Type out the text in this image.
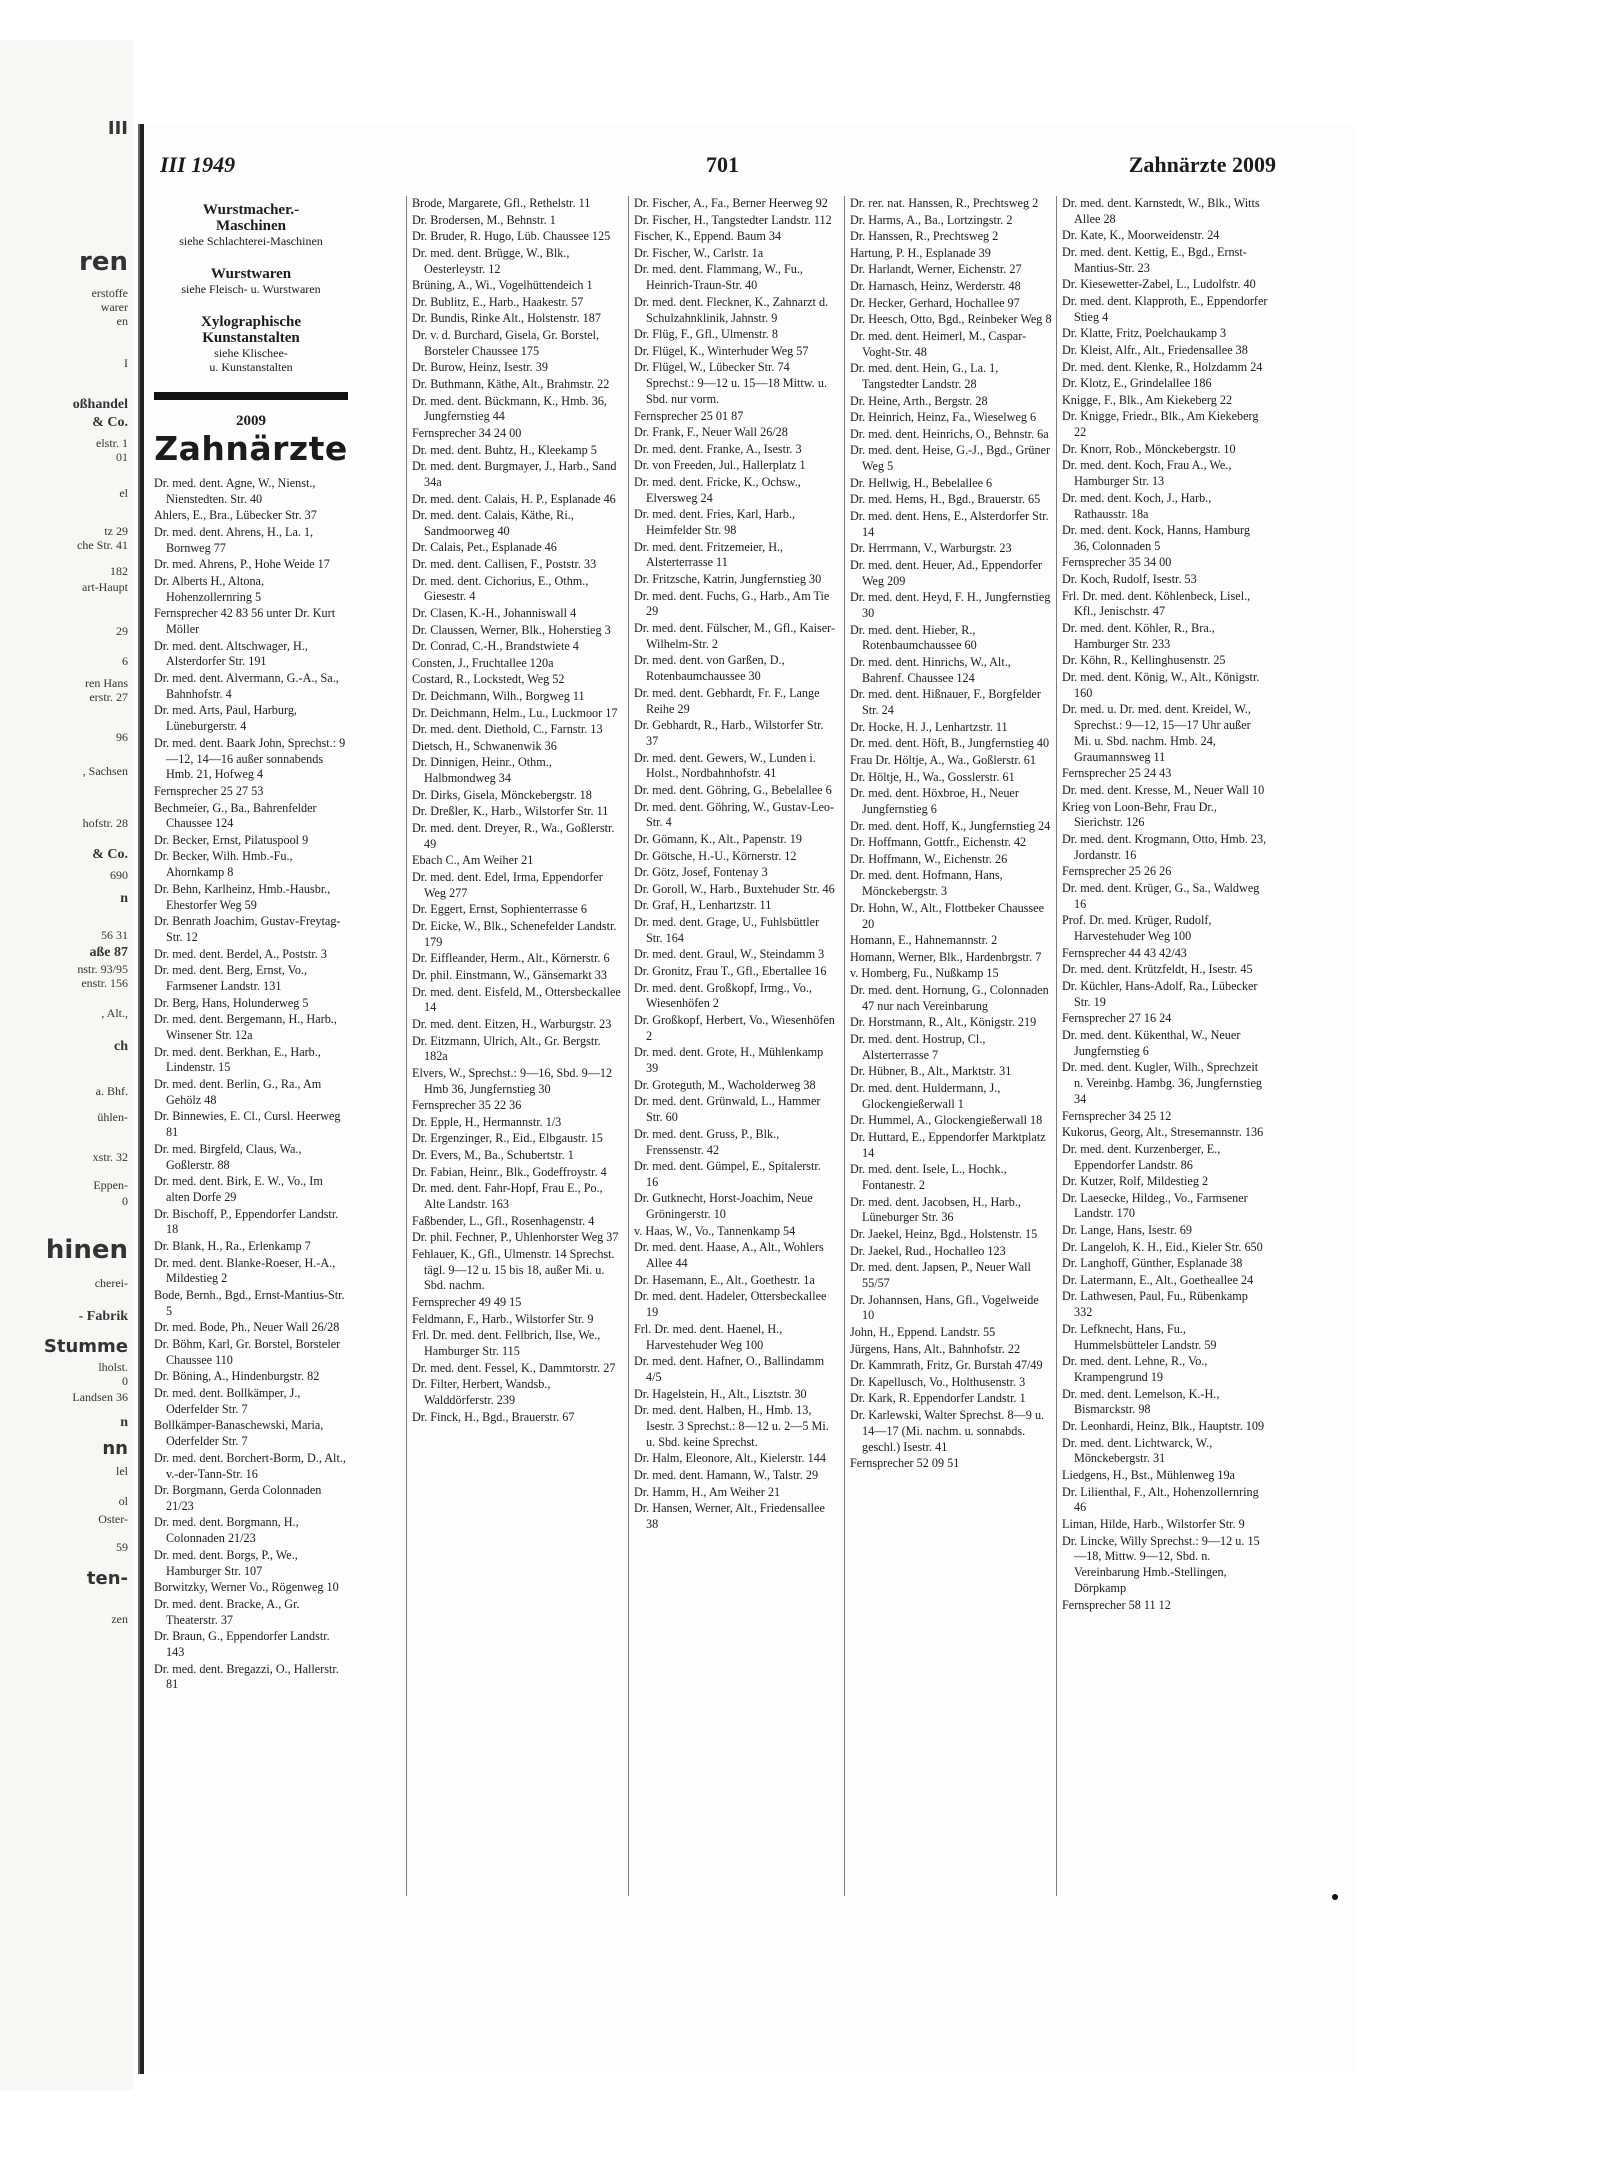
III
ren
erstoffe
warer
en
I
oßhandel
& Co.
elstr. 1
01
el
tz 29
che Str. 41
182
art-Haupt
29
6
ren Hans
erstr. 27
96
, Sachsen
hofstr. 28
& Co.
690
n
56 31
aße 87
nstr. 93/95
enstr. 156
, Alt.,
ch
a. Bhf.
ühlen-
xstr. 32
Eppen-
0
hinen
cherei-
- Fabrik
Stumme
lholst.
0
Landsen 36
n
nn
lel
ol
Oster-
59
ten-
zen
III 1949	701	Zahnärzte 2009
Wurstmacher.-
Maschinen
siehe Schlachterei-Maschinen
Wurstwaren
siehe Fleisch- u. Wurstwaren
Xylographische
Kunstanstalten
siehe Klischee-
u. Kunstanstalten
2009
Zahnärzte
Dr. med. dent. Agne, W., Nienst., Nienstedten. Str. 40
Ahlers, E., Bra., Lübecker Str. 37
Dr. med. dent. Ahrens, H., La. 1, Bornweg 77
Dr. med. Ahrens, P., Hohe Weide 17
Dr. Alberts H., Altona, Hohenzollernring 5
Fernsprecher 42 83 56 unter Dr. Kurt Möller
Dr. med. dent. Altschwager, H., Alsterdorfer Str. 191
Dr. med. dent. Alvermann, G.-A., Sa., Bahnhofstr. 4
Dr. med. Arts, Paul, Harburg, Lüneburgerstr. 4
Dr. med. dent. Baark John, Sprechst.: 9—12, 14—16 außer sonnabends Hmb. 21, Hofweg 4
Fernsprecher 25 27 53
Bechmeier, G., Ba., Bahrenfelder Chaussee 124
Dr. Becker, Ernst, Pilatuspool 9
Dr. Becker, Wilh. Hmb.-Fu., Ahornkamp 8
Dr. Behn, Karlheinz, Hmb.-Hausbr., Ehestorfer Weg 59
Dr. Benrath Joachim, Gustav-Freytag-Str. 12
Dr. med. dent. Berdel, A., Poststr. 3
Dr. med. dent. Berg, Ernst, Vo., Farmsener Landstr. 131
Dr. Berg, Hans, Holunderweg 5
Dr. med. dent. Bergemann, H., Harb., Winsener Str. 12a
Dr. med. dent. Berkhan, E., Harb., Lindenstr. 15
Dr. med. dent. Berlin, G., Ra., Am Gehölz 48
Dr. Binnewies, E. Cl., Cursl. Heerweg 81
Dr. med. Birgfeld, Claus, Wa., Goßlerstr. 88
Dr. med. dent. Birk, E. W., Vo., Im alten Dorfe 29
Dr. Bischoff, P., Eppendorfer Landstr. 18
Dr. Blank, H., Ra., Erlenkamp 7
Dr. med. dent. Blanke-Roeser, H.-A., Mildestieg 2
Bode, Bernh., Bgd., Ernst-Mantius-Str. 5
Dr. med. Bode, Ph., Neuer Wall 26/28
Dr. Böhm, Karl, Gr. Borstel, Borsteler Chaussee 110
Dr. Böning, A., Hindenburgstr. 82
Dr. med. dent. Bollkämper, J., Oderfelder Str. 7
Bollkämper-Banaschewski, Maria, Oderfelder Str. 7
Dr. med. dent. Borchert-Borm, D., Alt., v.-der-Tann-Str. 16
Dr. Borgmann, Gerda Colonnaden 21/23
Dr. med. dent. Borgmann, H., Colonnaden 21/23
Dr. med. dent. Borgs, P., We., Hamburger Str. 107
Borwitzky, Werner Vo., Rögenweg 10
Dr. med. dent. Bracke, A., Gr. Theaterstr. 37
Dr. Braun, G., Eppendorfer Landstr. 143
Dr. med. dent. Bregazzi, O., Hallerstr. 81
Brode, Margarete, Gfl., Rethelstr. 11
Dr. Brodersen, M., Behnstr. 1
Dr. Bruder, R. Hugo, Lüb. Chaussee 125
Dr. med. dent. Brügge, W., Blk., Oesterleystr. 12
Brüning, A., Wi., Vogelhüttendeich 1
Dr. Bublitz, E., Harb., Haakestr. 57
Dr. Bundis, Rinke Alt., Holstenstr. 187
Dr. v. d. Burchard, Gisela, Gr. Borstel, Borsteler Chaussee 175
Dr. Burow, Heinz, Isestr. 39
Dr. Buthmann, Käthe, Alt., Brahmstr. 22
Dr. med. dent. Bückmann, K., Hmb. 36, Jungfernstieg 44
Fernsprecher 34 24 00
Dr. med. dent. Buhtz, H., Kleekamp 5
Dr. med. dent. Burgmayer, J., Harb., Sand 34a
Dr. med. dent. Calais, H. P., Esplanade 46
Dr. med. dent. Calais, Käthe, Ri., Sandmoorweg 40
Dr. Calais, Pet., Esplanade 46
Dr. med. dent. Callisen, F., Poststr. 33
Dr. med. dent. Cichorius, E., Othm., Giesestr. 4
Dr. Clasen, K.-H., Johanniswall 4
Dr. Claussen, Werner, Blk., Hoherstieg 3
Dr. Conrad, C.-H., Brandstwiete 4
Consten, J., Fruchtallee 120a
Costard, R., Lockstedt, Weg 52
Dr. Deichmann, Wilh., Borgweg 11
Dr. Deichmann, Helm., Lu., Luckmoor 17
Dr. med. dent. Diethold, C., Farnstr. 13
Dietsch, H., Schwanenwik 36
Dr. Dinnigen, Heinr., Othm., Halbmondweg 34
Dr. Dirks, Gisela, Mönckebergstr. 18
Dr. Dreßler, K., Harb., Wilstorfer Str. 11
Dr. med. dent. Dreyer, R., Wa., Goßlerstr. 49
Ebach C., Am Weiher 21
Dr. med. dent. Edel, Irma, Eppendorfer Weg 277
Dr. Eggert, Ernst, Sophienterrasse 6
Dr. Eicke, W., Blk., Schenefelder Landstr. 179
Dr. Eiffleander, Herm., Alt., Körnerstr. 6
Dr. phil. Einstmann, W., Gänsemarkt 33
Dr. med. dent. Eisfeld, M., Ottersbeckallee 14
Dr. med. dent. Eitzen, H., Warburgstr. 23
Dr. Eitzmann, Ulrich, Alt., Gr. Bergstr. 182a
Elvers, W., Sprechst.: 9—16, Sbd. 9—12 Hmb 36, Jungfernstieg 30
Fernsprecher 35 22 36
Dr. Epple, H., Hermannstr. 1/3
Dr. Ergenzinger, R., Eid., Elbgaustr. 15
Dr. Evers, M., Ba., Schubertstr. 1
Dr. Fabian, Heinr., Blk., Godeffroystr. 4
Dr. med. dent. Fahr-Hopf, Frau E., Po., Alte Landstr. 163
Faßbender, L., Gfl., Rosenhagenstr. 4
Dr. phil. Fechner, P., Uhlenhorster Weg 37
Fehlauer, K., Gfl., Ulmenstr. 14 Sprechst. tägl. 9—12 u. 15 bis 18, außer Mi. u. Sbd. nachm.
Fernsprecher 49 49 15
Feldmann, F., Harb., Wilstorfer Str. 9
Frl. Dr. med. dent. Fellbrich, Ilse, We., Hamburger Str. 115
Dr. med. dent. Fessel, K., Dammtorstr. 27
Dr. Filter, Herbert, Wandsb., Walddörferstr. 239
Dr. Finck, H., Bgd., Brauerstr. 67
Dr. Fischer, A., Fa., Berner Heerweg 92
Dr. Fischer, H., Tangstedter Landstr. 112
Fischer, K., Eppend. Baum 34
Dr. Fischer, W., Carlstr. 1a
Dr. med. dent. Flammang, W., Fu., Heinrich-Traun-Str. 40
Dr. med. dent. Fleckner, K., Zahnarzt d. Schulzahnklinik, Jahnstr. 9
Dr. Flüg, F., Gfl., Ulmenstr. 8
Dr. Flügel, K., Winterhuder Weg 57
Dr. Flügel, W., Lübecker Str. 74 Sprechst.: 9—12 u. 15—18 Mittw. u. Sbd. nur vorm.
Fernsprecher 25 01 87
Dr. Frank, F., Neuer Wall 26/28
Dr. med. dent. Franke, A., Isestr. 3
Dr. von Freeden, Jul., Hallerplatz 1
Dr. med. dent. Fricke, K., Ochsw., Elversweg 24
Dr. med. dent. Fries, Karl, Harb., Heimfelder Str. 98
Dr. med. dent. Fritzemeier, H., Alsterterrasse 11
Dr. Fritzsche, Katrin, Jungfernstieg 30
Dr. med. dent. Fuchs, G., Harb., Am Tie 29
Dr. med. dent. Fülscher, M., Gfl., Kaiser-Wilhelm-Str. 2
Dr. med. dent. von Garßen, D., Rotenbaumchaussee 30
Dr. med. dent. Gebhardt, Fr. F., Lange Reihe 29
Dr. Gebhardt, R., Harb., Wilstorfer Str. 37
Dr. med. dent. Gewers, W., Lunden i. Holst., Nordbahnhofstr. 41
Dr. med. dent. Göhring, G., Bebelallee 6
Dr. med. dent. Göhring, W., Gustav-Leo-Str. 4
Dr. Gömann, K., Alt., Papenstr. 19
Dr. Götsche, H.-U., Körnerstr. 12
Dr. Götz, Josef, Fontenay 3
Dr. Goroll, W., Harb., Buxtehuder Str. 46
Dr. Graf, H., Lenhartzstr. 11
Dr. med. dent. Grage, U., Fuhlsbüttler Str. 164
Dr. med. dent. Graul, W., Steindamm 3
Dr. Gronitz, Frau T., Gfl., Ebertallee 16
Dr. med. dent. Großkopf, Irmg., Vo., Wiesenhöfen 2
Dr. Großkopf, Herbert, Vo., Wiesenhöfen 2
Dr. med. dent. Grote, H., Mühlenkamp 39
Dr. Groteguth, M., Wacholderweg 38
Dr. med. dent. Grünwald, L., Hammer Str. 60
Dr. med. dent. Gruss, P., Blk., Frenssenstr. 42
Dr. med. dent. Gümpel, E., Spitalerstr. 16
Dr. Gutknecht, Horst-Joachim, Neue Gröningerstr. 10
v. Haas, W., Vo., Tannenkamp 54
Dr. med. dent. Haase, A., Alt., Wohlers Allee 44
Dr. Hasemann, E., Alt., Goethestr. 1a
Dr. med. dent. Hadeler, Ottersbeckallee 19
Frl. Dr. med. dent. Haenel, H., Harvestehuder Weg 100
Dr. med. dent. Hafner, O., Ballindamm 4/5
Dr. Hagelstein, H., Alt., Lisztstr. 30
Dr. med. dent. Halben, H., Hmb. 13, Isestr. 3 Sprechst.: 8—12 u. 2—5 Mi. u. Sbd. keine Sprechst.
Dr. Halm, Eleonore, Alt., Kielerstr. 144
Dr. med. dent. Hamann, W., Talstr. 29
Dr. Hamm, H., Am Weiher 21
Dr. Hansen, Werner, Alt., Friedensallee 38
Dr. rer. nat. Hanssen, R., Prechtsweg 2
Dr. Harms, A., Ba., Lortzingstr. 2
Dr. Hanssen, R., Prechtsweg 2
Hartung, P. H., Esplanade 39
Dr. Harlandt, Werner, Eichenstr. 27
Dr. Harnasch, Heinz, Werderstr. 48
Dr. Hecker, Gerhard, Hochallee 97
Dr. Heesch, Otto, Bgd., Reinbeker Weg 8
Dr. med. dent. Heimerl, M., Caspar-Voght-Str. 48
Dr. med. dent. Hein, G., La. 1, Tangstedter Landstr. 28
Dr. Heine, Arth., Bergstr. 28
Dr. Heinrich, Heinz, Fa., Wieselweg 6
Dr. med. dent. Heinrichs, O., Behnstr. 6a
Dr. med. dent. Heise, G.-J., Bgd., Grüner Weg 5
Dr. Hellwig, H., Bebelallee 6
Dr. med. Hems, H., Bgd., Brauerstr. 65
Dr. med. dent. Hens, E., Alsterdorfer Str. 14
Dr. Herrmann, V., Warburgstr. 23
Dr. med. dent. Heuer, Ad., Eppendorfer Weg 209
Dr. med. dent. Heyd, F. H., Jungfernstieg 30
Dr. med. dent. Hieber, R., Rotenbaumchaussee 60
Dr. med. dent. Hinrichs, W., Alt., Bahrenf. Chaussee 124
Dr. med. dent. Hißnauer, F., Borgfelder Str. 24
Dr. Hocke, H. J., Lenhartzstr. 11
Dr. med. dent. Höft, B., Jungfernstieg 40
Frau Dr. Höltje, A., Wa., Goßlerstr. 61
Dr. Höltje, H., Wa., Gosslerstr. 61
Dr. med. dent. Höxbroe, H., Neuer Jungfernstieg 6
Dr. med. dent. Hoff, K., Jungfernstieg 24
Dr. Hoffmann, Gottfr., Eichenstr. 42
Dr. Hoffmann, W., Eichenstr. 26
Dr. med. dent. Hofmann, Hans, Mönckebergstr. 3
Dr. Hohn, W., Alt., Flottbeker Chaussee 20
Homann, E., Hahnemannstr. 2
Homann, Werner, Blk., Hardenbrgstr. 7
v. Homberg, Fu., Nußkamp 15
Dr. med. dent. Hornung, G., Colonnaden 47 nur nach Vereinbarung
Dr. Horstmann, R., Alt., Königstr. 219
Dr. med. dent. Hostrup, Cl., Alsterterrasse 7
Dr. Hübner, B., Alt., Marktstr. 31
Dr. med. dent. Huldermann, J., Glockengießerwall 1
Dr. Hummel, A., Glockengießerwall 18
Dr. Huttard, E., Eppendorfer Marktplatz 14
Dr. med. dent. Isele, L., Hochk., Fontanestr. 2
Dr. med. dent. Jacobsen, H., Harb., Lüneburger Str. 36
Dr. Jaekel, Heinz, Bgd., Holstenstr. 15
Dr. Jaekel, Rud., Hochalleo 123
Dr. med. dent. Japsen, P., Neuer Wall 55/57
Dr. Johannsen, Hans, Gfl., Vogelweide 10
John, H., Eppend. Landstr. 55
Jürgens, Hans, Alt., Bahnhofstr. 22
Dr. Kammrath, Fritz, Gr. Burstah 47/49
Dr. Kapellusch, Vo., Holthusenstr. 3
Dr. Kark, R. Eppendorfer Landstr. 1
Dr. Karlewski, Walter Sprechst. 8—9 u. 14—17 (Mi. nachm. u. sonnabds. geschl.) Isestr. 41
Fernsprecher 52 09 51
Dr. med. dent. Karnstedt, W., Blk., Witts Allee 28
Dr. Kate, K., Moorweidenstr. 24
Dr. med. dent. Kettig, E., Bgd., Ernst-Mantius-Str. 23
Dr. Kiesewetter-Zabel, L., Ludolfstr. 40
Dr. med. dent. Klapproth, E., Eppendorfer Stieg 4
Dr. Klatte, Fritz, Poelchaukamp 3
Dr. Kleist, Alfr., Alt., Friedensallee 38
Dr. med. dent. Klenke, R., Holzdamm 24
Dr. Klotz, E., Grindelallee 186
Knigge, F., Blk., Am Kiekeberg 22
Dr. Knigge, Friedr., Blk., Am Kiekeberg 22
Dr. Knorr, Rob., Mönckebergstr. 10
Dr. med. dent. Koch, Frau A., We., Hamburger Str. 13
Dr. med. dent. Koch, J., Harb., Rathausstr. 18a
Dr. med. dent. Kock, Hanns, Hamburg 36, Colonnaden 5
Fernsprecher 35 34 00
Dr. Koch, Rudolf, Isestr. 53
Frl. Dr. med. dent. Köhlenbeck, Lisel., Kfl., Jenischstr. 47
Dr. med. dent. Köhler, R., Bra., Hamburger Str. 233
Dr. Köhn, R., Kellinghusenstr. 25
Dr. med. dent. König, W., Alt., Königstr. 160
Dr. med. u. Dr. med. dent. Kreidel, W., Sprechst.: 9—12, 15—17 Uhr außer Mi. u. Sbd. nachm. Hmb. 24, Graumannsweg 11
Fernsprecher 25 24 43
Dr. med. dent. Kresse, M., Neuer Wall 10
Krieg von Loon-Behr, Frau Dr., Sierichstr. 126
Dr. med. dent. Krogmann, Otto, Hmb. 23, Jordanstr. 16
Fernsprecher 25 26 26
Dr. med. dent. Krüger, G., Sa., Waldweg 16
Prof. Dr. med. Krüger, Rudolf, Harvestehuder Weg 100
Fernsprecher 44 43 42/43
Dr. med. dent. Krützfeldt, H., Isestr. 45
Dr. Küchler, Hans-Adolf, Ra., Lübecker Str. 19
Fernsprecher 27 16 24
Dr. med. dent. Kükenthal, W., Neuer Jungfernstieg 6
Dr. med. dent. Kugler, Wilh., Sprechzeit n. Vereinbg. Hambg. 36, Jungfernstieg 34
Fernsprecher 34 25 12
Kukorus, Georg, Alt., Stresemannstr. 136
Dr. med. dent. Kurzenberger, E., Eppendorfer Landstr. 86
Dr. Kutzer, Rolf, Mildestieg 2
Dr. Laesecke, Hildeg., Vo., Farmsener Landstr. 170
Dr. Lange, Hans, Isestr. 69
Dr. Langeloh, K. H., Eid., Kieler Str. 650
Dr. Langhoff, Günther, Esplanade 38
Dr. Latermann, E., Alt., Goetheallee 24
Dr. Lathwesen, Paul, Fu., Rübenkamp 332
Dr. Lefknecht, Hans, Fu., Hummelsbütteler Landstr. 59
Dr. med. dent. Lehne, R., Vo., Krampengrund 19
Dr. med. dent. Lemelson, K.-H., Bismarckstr. 98
Dr. Leonhardi, Heinz, Blk., Hauptstr. 109
Dr. med. dent. Lichtwarck, W., Mönckebergstr. 31
Liedgens, H., Bst., Mühlenweg 19a
Dr. Lilienthal, F., Alt., Hohenzollernring 46
Liman, Hilde, Harb., Wilstorfer Str. 9
Dr. Lincke, Willy Sprechst.: 9—12 u. 15—18, Mittw. 9—12, Sbd. n. Vereinbarung Hmb.-Stellingen, Dörpkamp
Fernsprecher 58 11 12
